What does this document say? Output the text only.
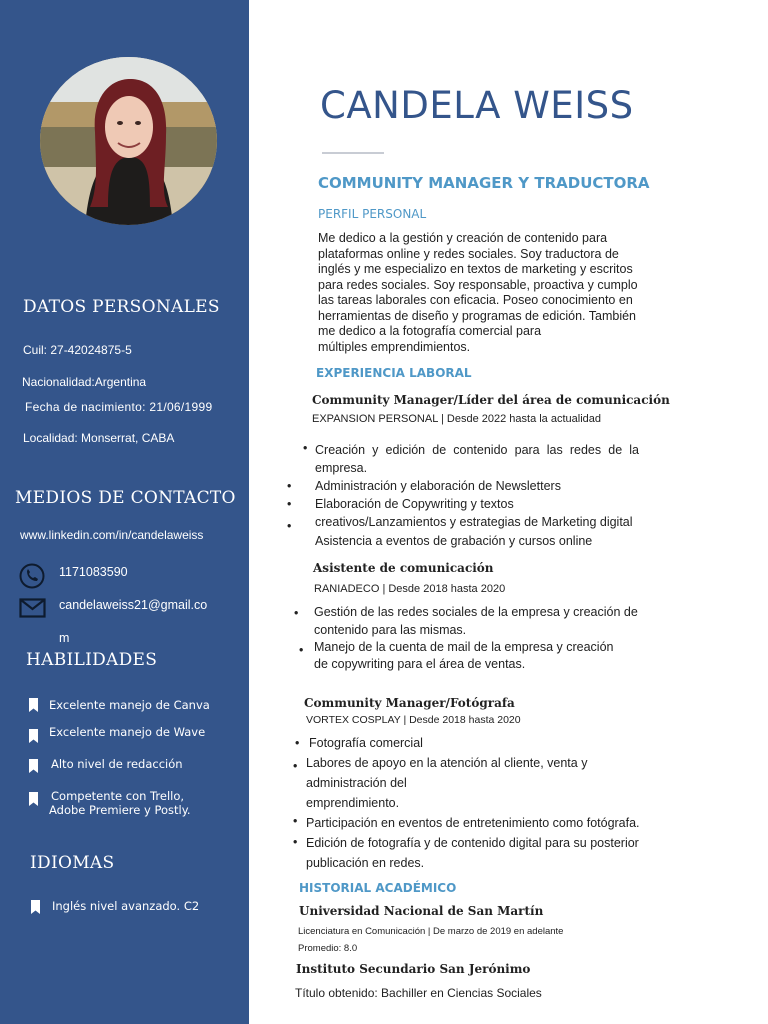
DATOS PERSONALES
Cuil: 27-42024875-5
Nacionalidad:Argentina
Fecha de nacimiento: 21/06/1999
Localidad: Monserrat, CABA
MEDIOS DE CONTACTO
www.linkedin.com/in/candelaweiss
1171083590
candelaweiss21@gmail.co
m
HABILIDADES
Excelente manejo de Canva
Excelente manejo de Wave
Alto nivel de redacción
Competente con Trello,
Adobe Premiere y Postly.
IDIOMAS
Inglés nivel avanzado. C2
CANDELA WEISS
COMMUNITY MANAGER Y TRADUCTORA
PERFIL PERSONAL
Me dedico a la gestión y creación de contenido para
plataformas online y redes sociales. Soy traductora de
inglés y me especializo en textos de marketing y escritos
para redes sociales. Soy responsable, proactiva y cumplo
las tareas laborales con eficacia. Poseo conocimiento en
herramientas de diseño y programas de edición. También
me dedico a la fotografía comercial para
múltiples emprendimientos.
EXPERIENCIA LABORAL
Community Manager/Líder del área de comunicación
EXPANSION PERSONAL | Desde 2022 hasta la actualidad
• Creación y edición de contenido para las redes de la empresa.
• Administración y elaboración de Newsletters
• Elaboración de Copywriting y textos
• creativos/Lanzamientos y estrategias de Marketing digital
Asistencia a eventos de grabación y cursos online
Asistente de comunicación
RANIADECO | Desde 2018 hasta 2020
• Gestión de las redes sociales de la empresa y creación de
contenido para las mismas.
• Manejo de la cuenta de mail de la empresa y creación
de copywriting para el área de ventas.
Community Manager/Fotógrafa
VORTEX COSPLAY | Desde 2018 hasta 2020
• Fotografía comercial
• Labores de apoyo en la atención al cliente, venta y
administración del
emprendimiento.
• Participación en eventos de entretenimiento como fotógrafa.
• Edición de fotografía y de contenido digital para su posterior
publicación en redes.
HISTORIAL ACADÉMICO
Universidad Nacional de San Martín
Licenciatura en Comunicación | De marzo de 2019 en adelante
Promedio: 8.0
Instituto Secundario San Jerónimo
Título obtenido: Bachiller en Ciencias Sociales
